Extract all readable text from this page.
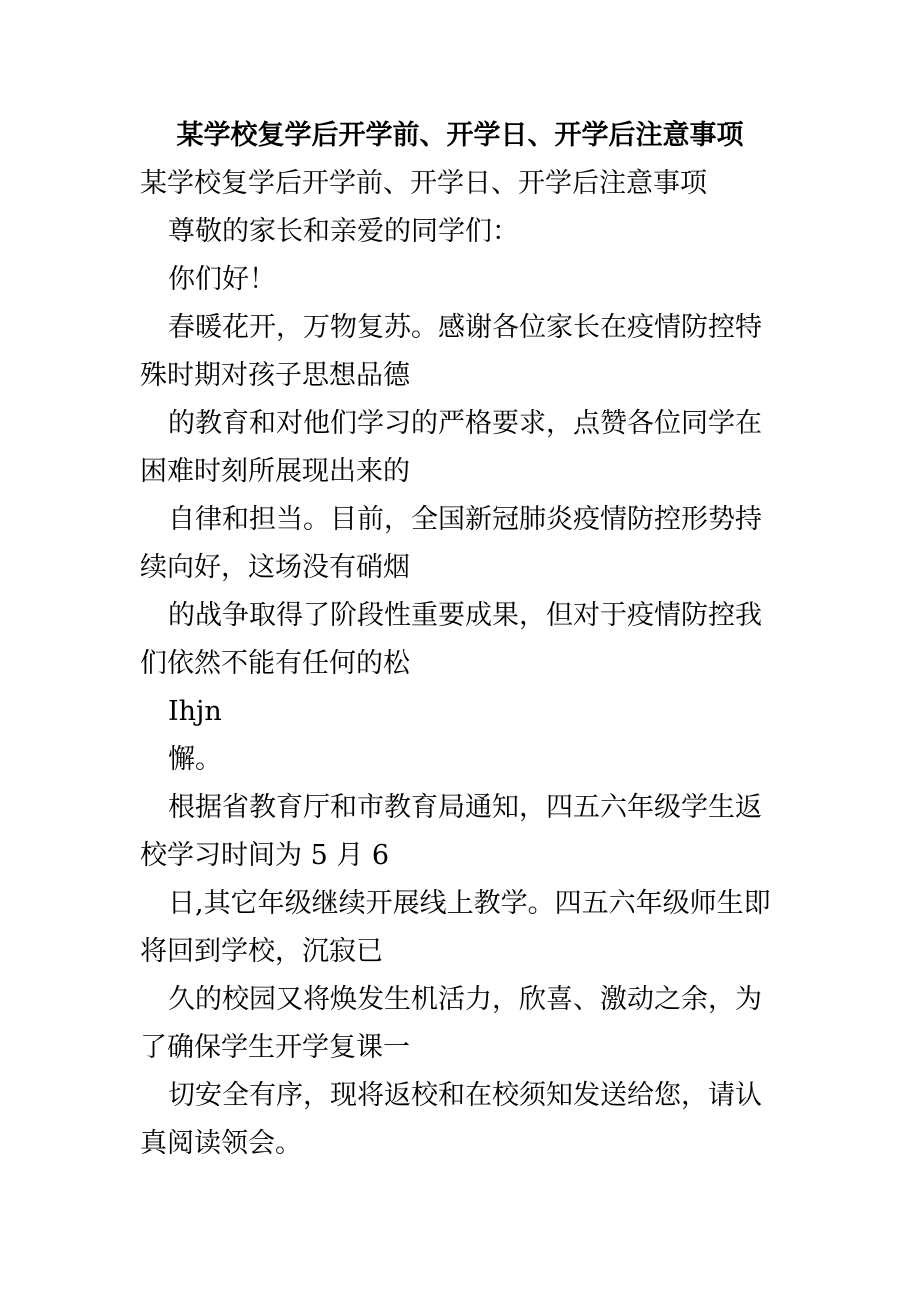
某学校复学后开学前、开学日、开学后注意事项
某学校复学后开学前、开学日、开学后注意事项
尊敬的家长和亲爱的同学们：
你们好！
春暖花开，万物复苏。感谢各位家长在疫情防控特
殊时期对孩子思想品德
的教育和对他们学习的严格要求，点赞各位同学在
困难时刻所展现出来的
自律和担当。目前，全国新冠肺炎疫情防控形势持
续向好，这场没有硝烟
的战争取得了阶段性重要成果，但对于疫情防控我
们依然不能有任何的松
Ihjn
懈。
根据省教育厅和市教育局通知，四五六年级学生返
校学习时间为 5 月 6
日,其它年级继续开展线上教学。四五六年级师生即
将回到学校，沉寂已
久的校园又将焕发生机活力，欣喜、激动之余，为
了确保学生开学复课一
切安全有序，现将返校和在校须知发送给您，请认
真阅读领会。
